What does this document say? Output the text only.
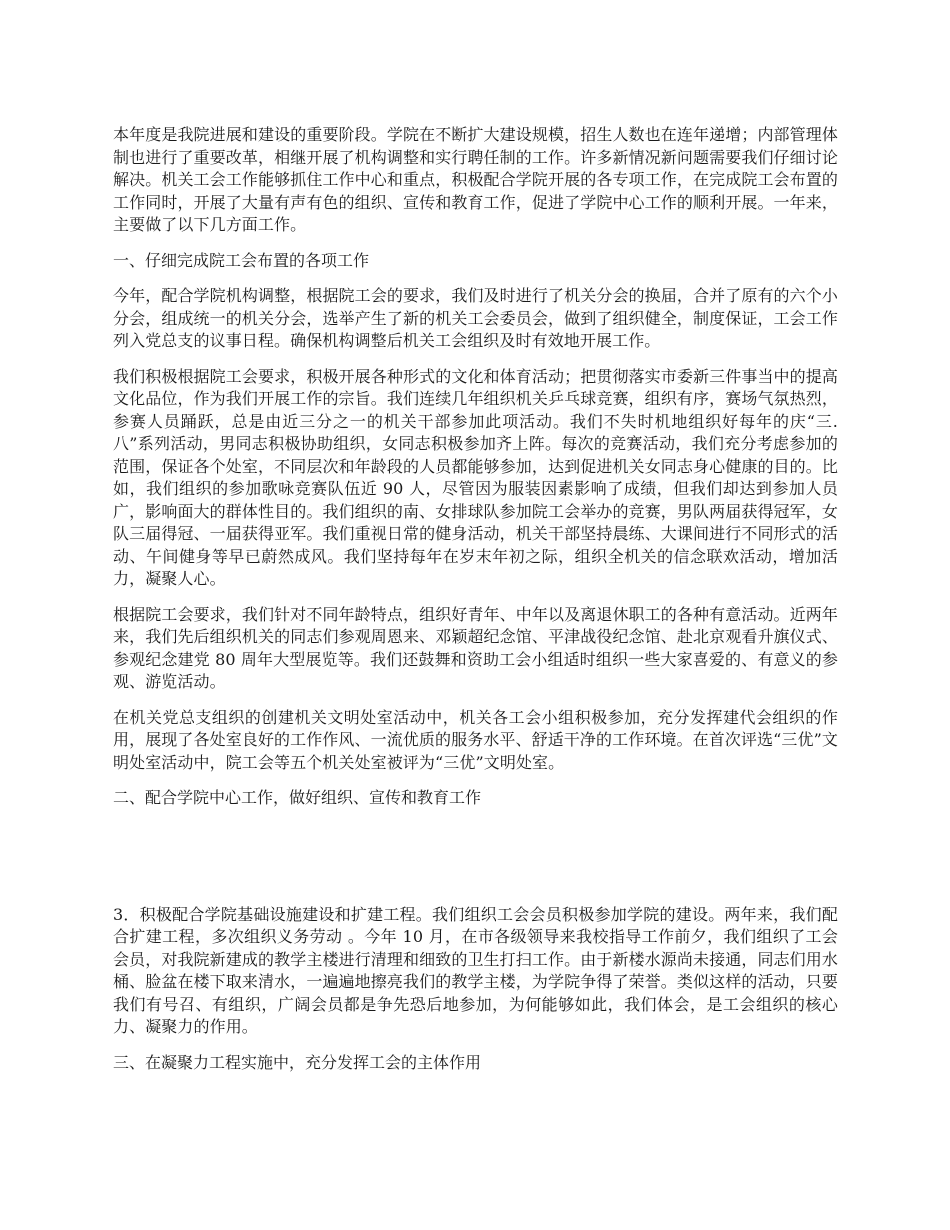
本年度是我院进展和建设的重要阶段。学院在不断扩大建设规模，招生人数也在连年递增；内部管理体制也进行了重要改革，相继开展了机构调整和实行聘任制的工作。许多新情况新问题需要我们仔细讨论解决。机关工会工作能够抓住工作中心和重点，积极配合学院开展的各专项工作，在完成院工会布置的工作同时，开展了大量有声有色的组织、宣传和教育工作，促进了学院中心工作的顺利开展。一年来，主要做了以下几方面工作。

一、仔细完成院工会布置的各项工作

今年，配合学院机构调整，根据院工会的要求，我们及时进行了机关分会的换届，合并了原有的六个小分会，组成统一的机关分会，选举产生了新的机关工会委员会，做到了组织健全，制度保证，工会工作列入党总支的议事日程。确保机构调整后机关工会组织及时有效地开展工作。

我们积极根据院工会要求，积极开展各种形式的文化和体育活动；把贯彻落实市委新三件事当中的提高文化品位，作为我们开展工作的宗旨。我们连续几年组织机关乒乓球竞赛，组织有序，赛场气氛热烈，参赛人员踊跃，总是由近三分之一的机关干部参加此项活动。我们不失时机地组织好每年的庆“三.八”系列活动，男同志积极协助组织，女同志积极参加齐上阵。每次的竞赛活动，我们充分考虑参加的范围，保证各个处室，不同层次和年龄段的人员都能够参加，达到促进机关女同志身心健康的目的。比如，我们组织的参加歌咏竞赛队伍近 90 人，尽管因为服装因素影响了成绩，但我们却达到参加人员广，影响面大的群体性目的。我们组织的南、女排球队参加院工会举办的竞赛，男队两届获得冠军，女队三届得冠、一届获得亚军。我们重视日常的健身活动，机关干部坚持晨练、大课间进行不同形式的活动、午间健身等早已蔚然成风。我们坚持每年在岁末年初之际，组织全机关的信念联欢活动，增加活力，凝聚人心。

根据院工会要求，我们针对不同年龄特点，组织好青年、中年以及离退休职工的各种有意活动。近两年来，我们先后组织机关的同志们参观周恩来、邓颖超纪念馆、平津战役纪念馆、赴北京观看升旗仪式、参观纪念建党 80 周年大型展览等。我们还鼓舞和资助工会小组适时组织一些大家喜爱的、有意义的参观、游览活动。

在机关党总支组织的创建机关文明处室活动中，机关各工会小组积极参加，充分发挥建代会组织的作用，展现了各处室良好的工作作风、一流优质的服务水平、舒适干净的工作环境。在首次评选“三优”文明处室活动中，院工会等五个机关处室被评为“三优”文明处室。

二、配合学院中心工作，做好组织、宣传和教育工作

3．积极配合学院基础设施建设和扩建工程。我们组织工会会员积极参加学院的建设。两年来，我们配合扩建工程，多次组织义务劳动 。今年 10 月，在市各级领导来我校指导工作前夕，我们组织了工会会员，对我院新建成的教学主楼进行清理和细致的卫生打扫工作。由于新楼水源尚未接通，同志们用水桶、脸盆在楼下取来清水，一遍遍地擦亮我们的教学主楼，为学院争得了荣誉。类似这样的活动，只要我们有号召、有组织，广阔会员都是争先恐后地参加，为何能够如此，我们体会，是工会组织的核心力、凝聚力的作用。

三、在凝聚力工程实施中，充分发挥工会的主体作用
